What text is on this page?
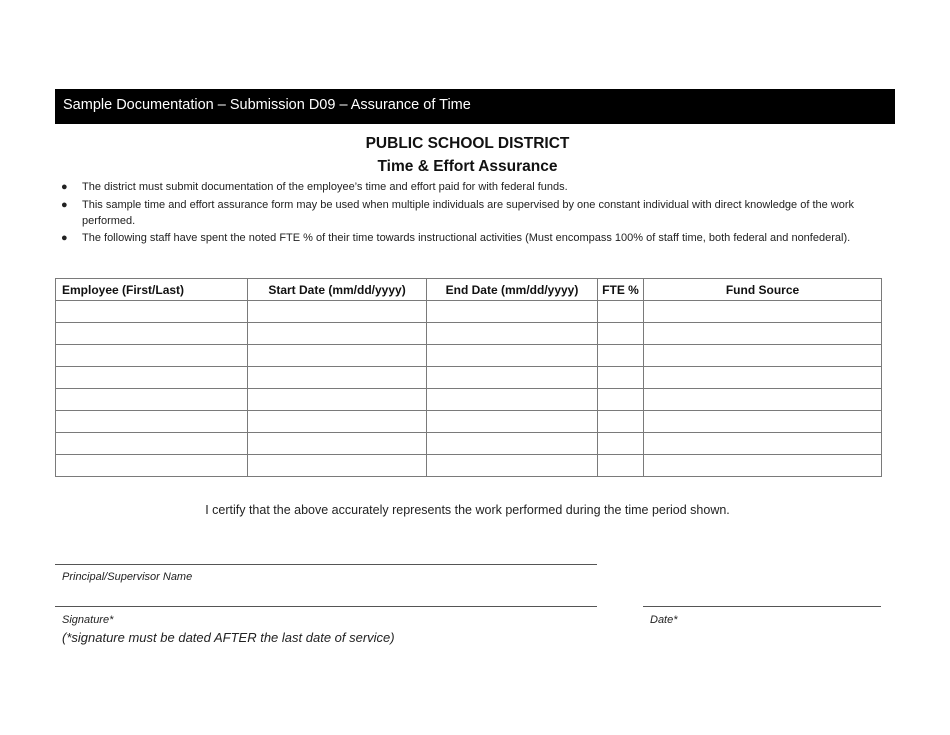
Sample Documentation – Submission D09 – Assurance of Time
PUBLIC SCHOOL DISTRICT
Time & Effort Assurance
● The district must submit documentation of the employee’s time and effort paid for with federal funds.
● This sample time and effort assurance form may be used when multiple individuals are supervised by one constant individual with direct knowledge of the work performed.
● The following staff have spent the noted FTE % of their time towards instructional activities (Must encompass 100% of staff time, both federal and nonfederal).
Employee (First/Last)	Start Date (mm/dd/yyyy)	End Date (mm/dd/yyyy)	FTE %	Fund Source

I certify that the above accurately represents the work performed during the time period shown.
Principal/Supervisor Name
Signature*
(*signature must be dated AFTER the last date of service)
Date*
